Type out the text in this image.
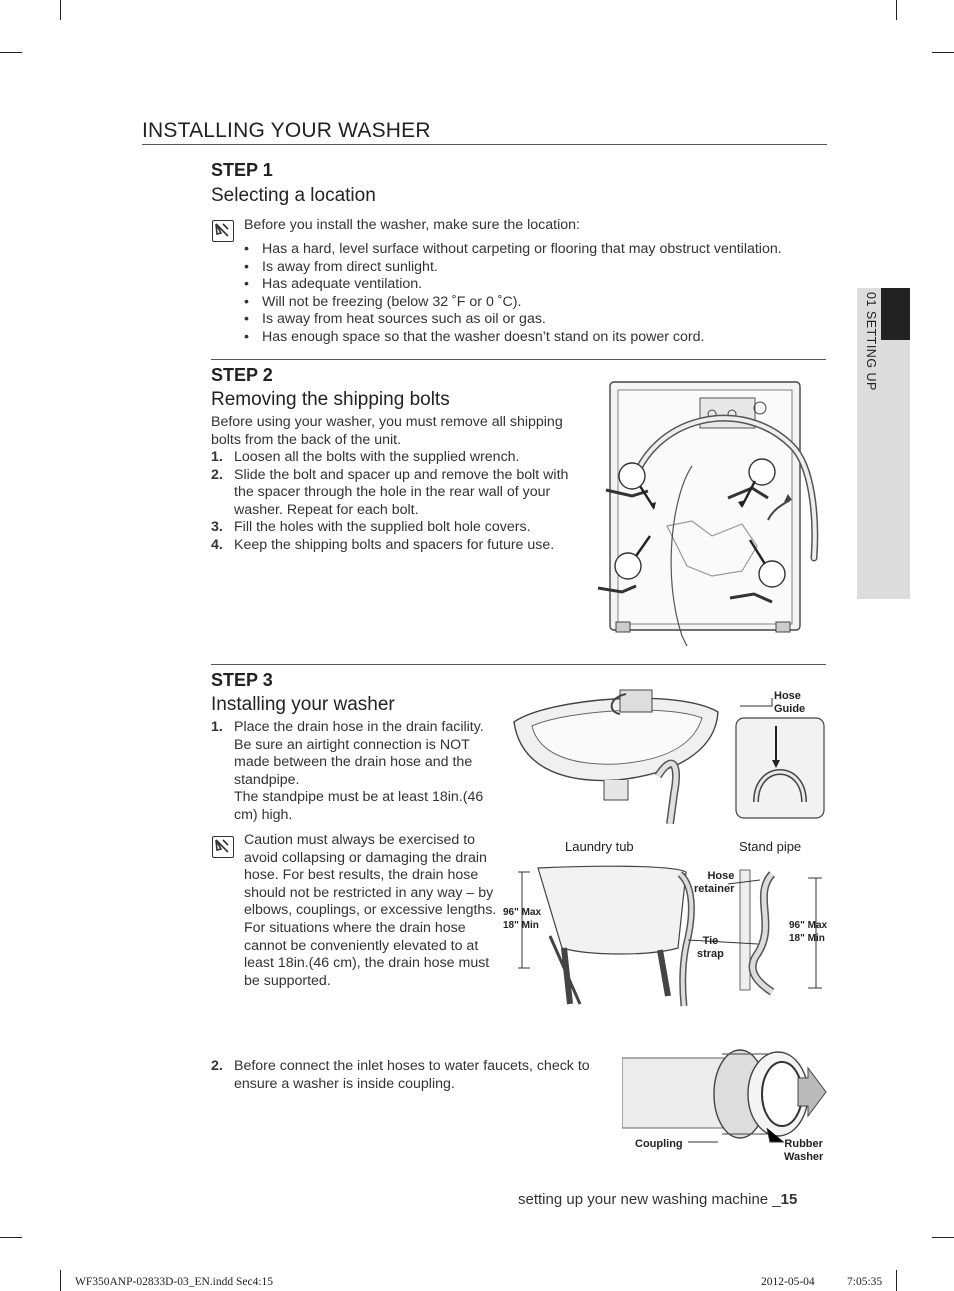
01 SETTING UP
INSTALLING YOUR WASHER
STEP 1
Selecting a location
Before you install the washer, make sure the location:
• Has a hard, level surface without carpeting or flooring that may obstruct ventilation.
• Is away from direct sunlight.
• Has adequate ventilation.
• Will not be freezing (below 32 ˚F or 0 ˚C).
• Is away from heat sources such as oil or gas.
• Has enough space so that the washer doesn’t stand on its power cord.
STEP 2
Removing the shipping bolts
Before using your washer, you must remove all shipping bolts from the back of the unit.
1. Loosen all the bolts with the supplied wrench.
2. Slide the bolt and spacer up and remove the bolt with the spacer through the hole in the rear wall of your washer. Repeat for each bolt.
3. Fill the holes with the supplied bolt hole covers.
4. Keep the shipping bolts and spacers for future use.
STEP 3
Installing your washer
1. Place the drain hose in the drain facility. Be sure an airtight connection is NOT made between the drain hose and the standpipe.
The standpipe must be at least 18in.(46 cm) high.
Caution must always be exercised to avoid collapsing or damaging the drain hose. For best results, the drain hose should not be restricted in any way – by elbows, couplings, or excessive lengths. For situations where the drain hose cannot be conveniently elevated to at least 18in.(46 cm), the drain hose must be supported.
Hose
Guide
Laundry tub	Stand pipe
96" Max
18" Min
Hose
retainer
Tie
strap
96" Max
18" Min
2. Before connect the inlet hoses to water faucets, check to ensure a washer is inside coupling.
Coupling	Rubber
Washer
setting up your new washing machine _15
WF350ANP-02833D-03_EN.indd Sec4:15	2012-05-04	7:05:35
